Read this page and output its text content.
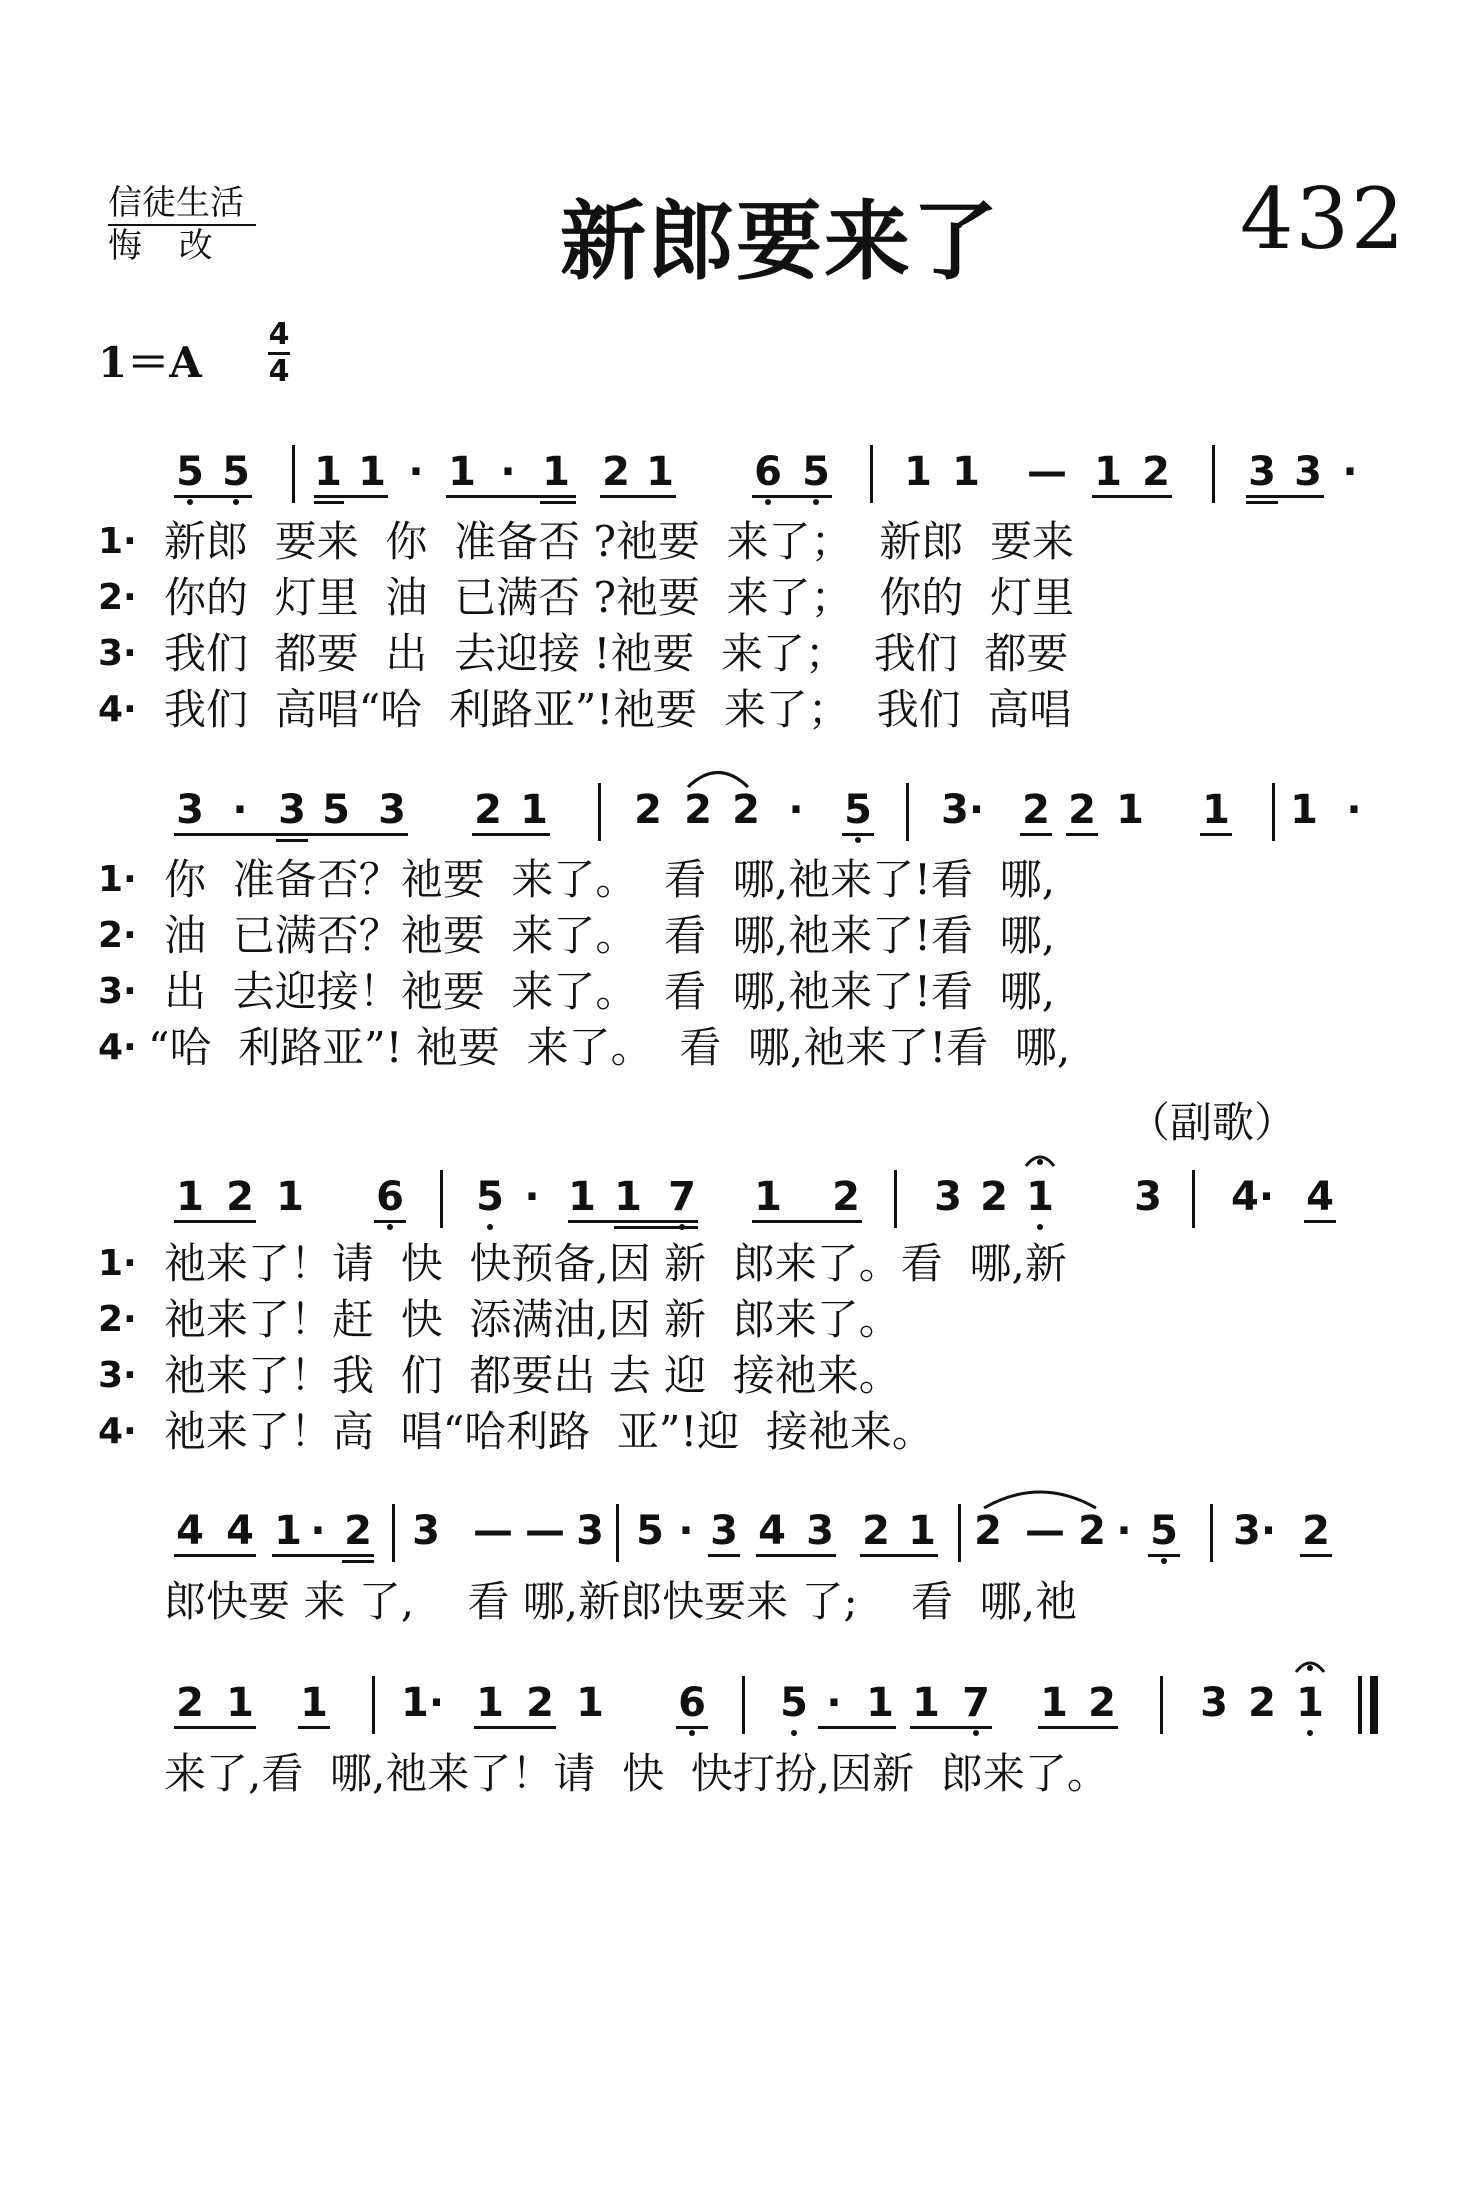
信徒生活
悔 改	新郎要来了	432
1＝A
4
4
5 5 1 1 · 1 · 1 2 1 6 5 1 1 — 1 2 3 3 ·
1· 新郎  要来  你  准备否 ?祂要  来了；  新郎  要来
2· 你的  灯里  油  已满否 ?祂要  来了；  你的  灯里
3· 我们  都要  出  去迎接 !祂要  来了；  我们  都要
4· 我们  高唱“哈  利路亚”!祂要  来了；  我们  高唱
3 · 3 5 3 2 1 2 2 2 · 5 3· 2 2 1 1 1 ·
1· 你  准备否？祂要  来了。  看  哪,祂来了!看  哪,
2· 油  已满否？祂要  来了。  看  哪,祂来了!看  哪,
3· 出  去迎接！祂要  来了。  看  哪,祂来了!看  哪,
4· “哈  利路亚”! 祂要  来了。  看  哪,祂来了!看  哪,
（副歌）
1 2 1 6 5 · 1 1 7 1 2 3 2 1 3 4· 4
1· 祂来了！请  快  快预备,因 新  郎来了。看  哪,新
2· 祂来了！赶  快  添满油,因 新  郎来了。
3· 祂来了！我  们  都要出 去 迎  接祂来。
4· 祂来了！高  唱“哈利路  亚”!迎  接祂来。
4 4 1 · 2 3 — — 3 5 · 3 4 3 2 1 2 — 2 · 5 3· 2
郎快要 来 了,    看 哪,新郎快要来 了;    看  哪,祂
2 1 1 1· 1 2 1 6 5 · 1 1 7 1 2 3 2 1
来了,看  哪,祂来了！请  快  快打扮,因新  郎来了。
